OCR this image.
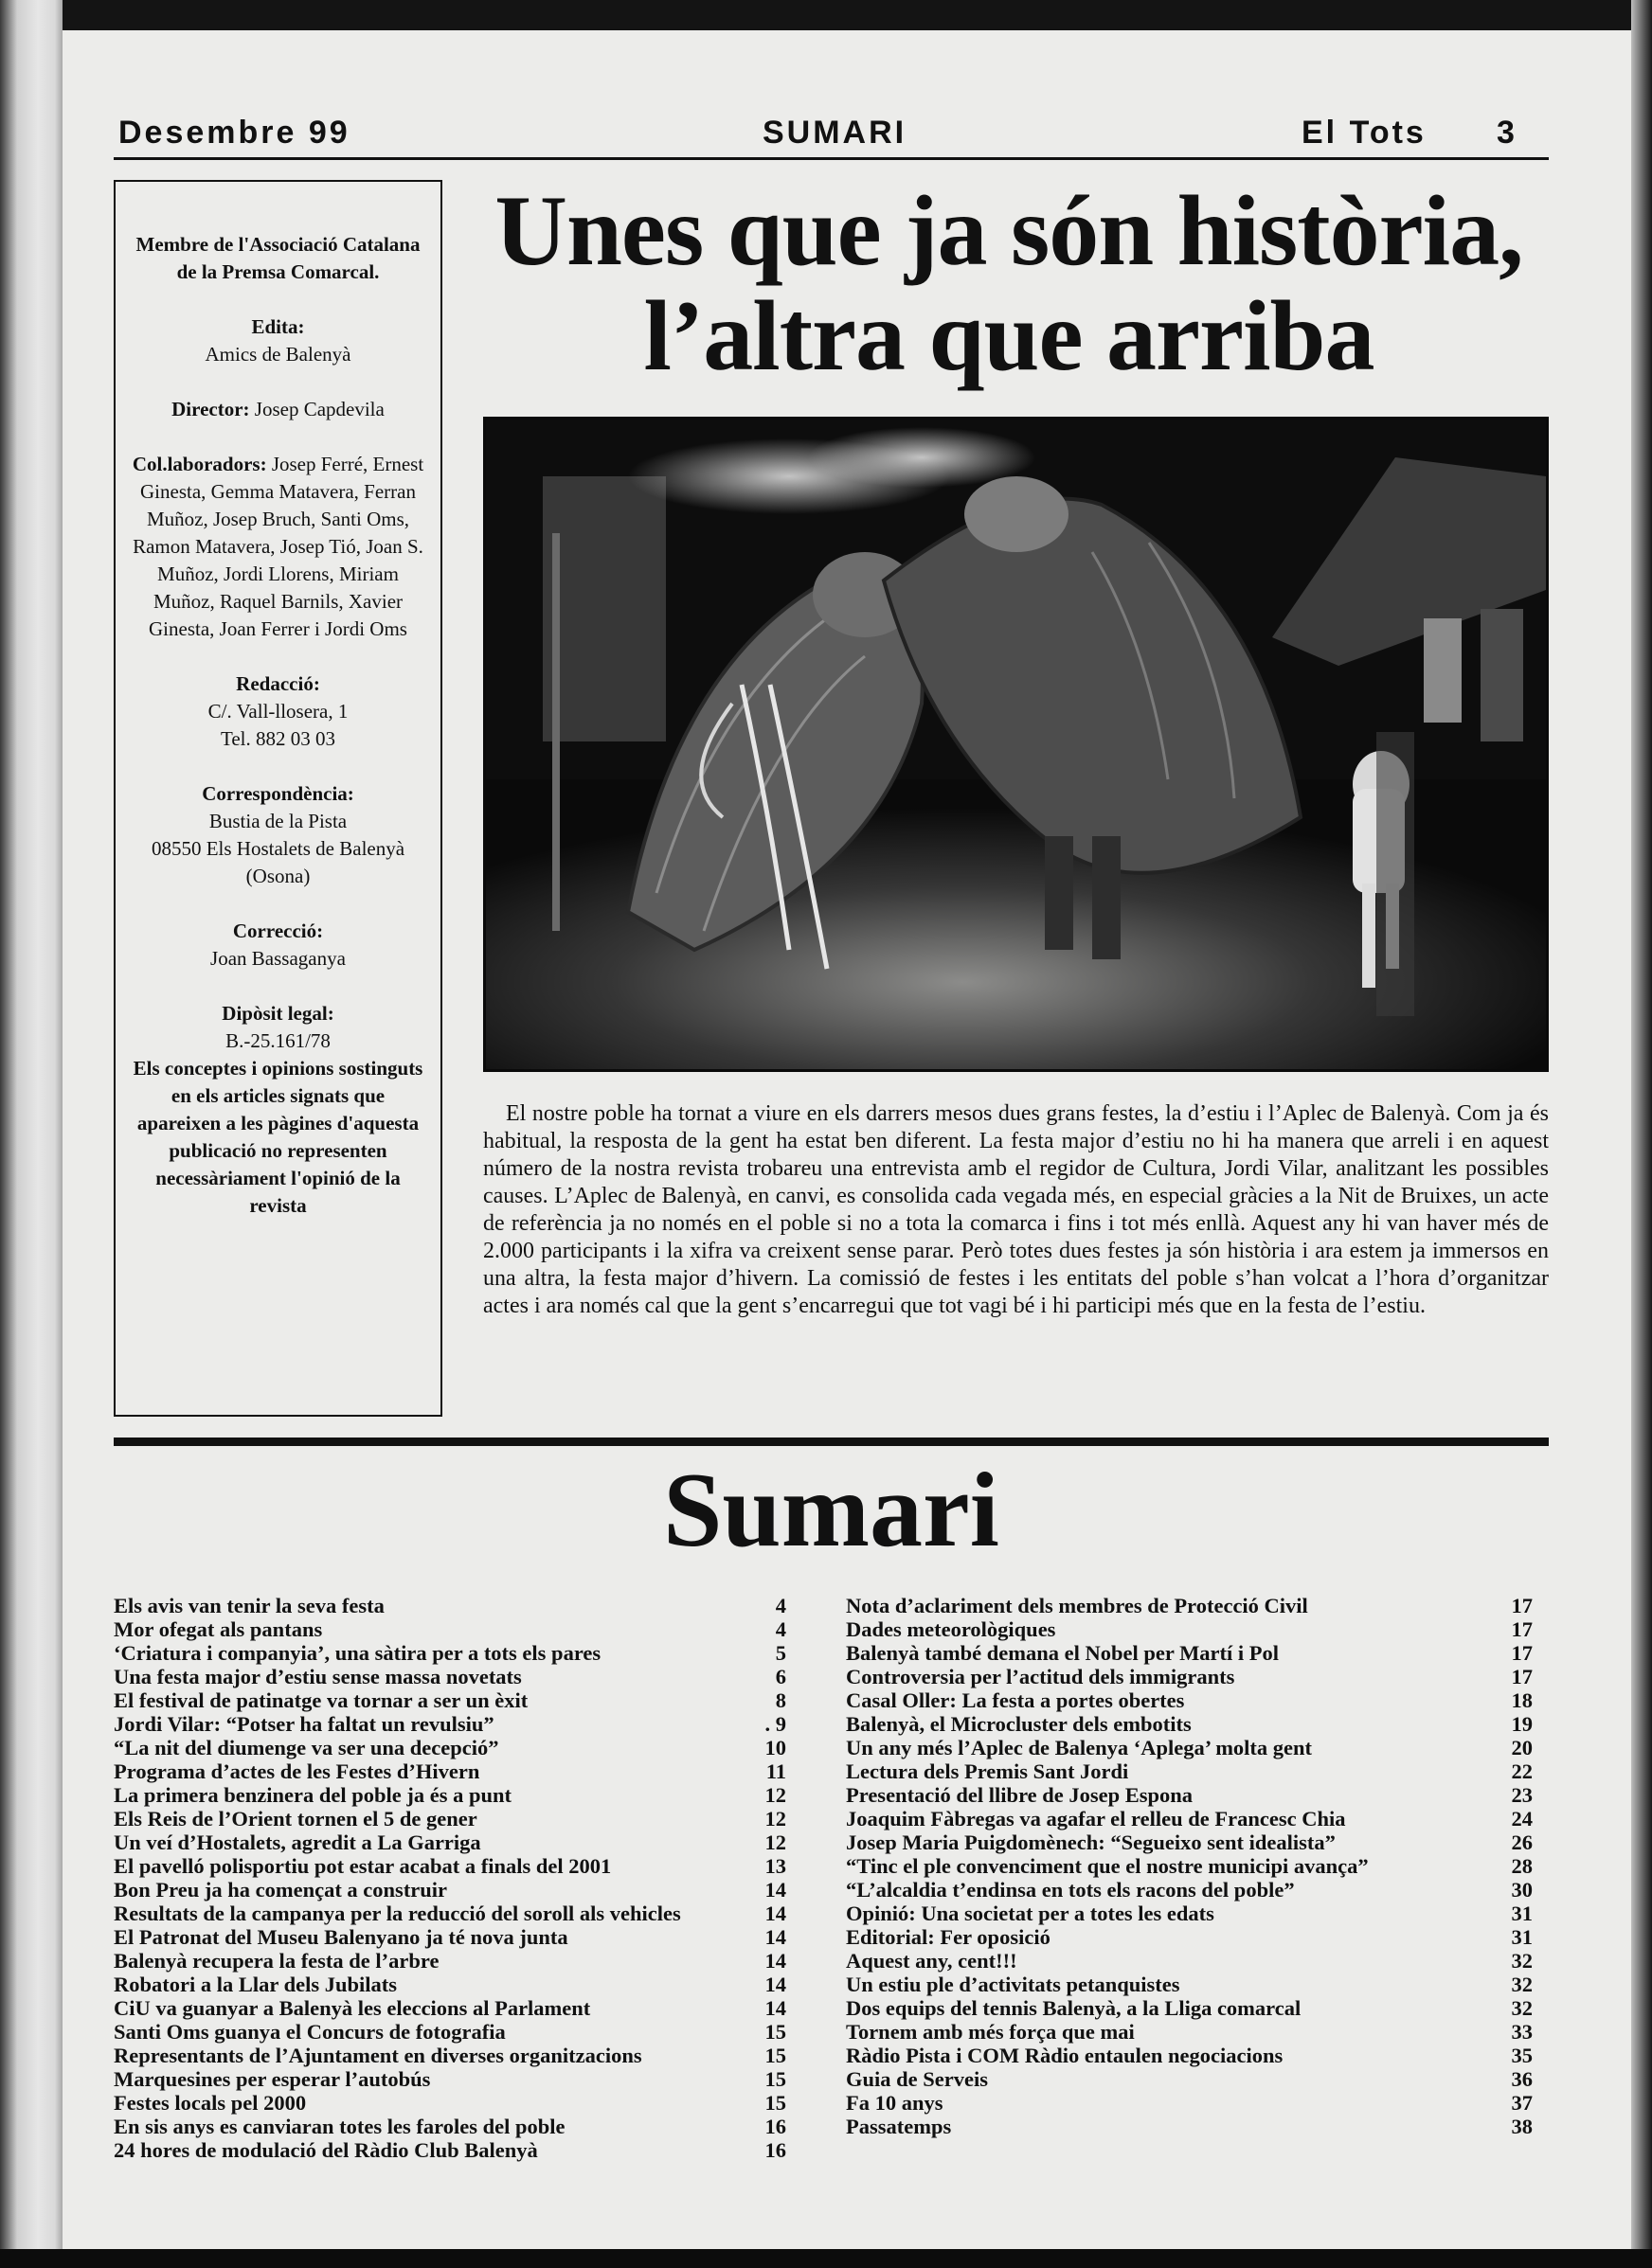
Desembre 99	SUMARI	El Tots 3
Membre de l'Associació Catalana de la Premsa Comarcal.
Edita:
Amics de Balenyà
Director: Josep Capdevila
Col.laboradors: Josep Ferré, Ernest Ginesta, Gemma Matavera, Ferran Muñoz, Josep Bruch, Santi Oms, Ramon Matavera, Josep Tió, Joan S. Muñoz, Jordi Llorens, Miriam Muñoz, Raquel Barnils, Xavier Ginesta, Joan Ferrer i Jordi Oms
Redacció:
C/. Vall-llosera, 1
Tel. 882 03 03
Correspondència:
Bustia de la Pista
08550 Els Hostalets de Balenyà (Osona)
Correcció:
Joan Bassaganya
Dipòsit legal:
B.-25.161/78
Els conceptes i opinions sostinguts en els articles signats que apareixen a les pàgines d'aquesta publicació no representen necessàriament l'opinió de la revista
Unes que ja són història,
l’altra que arriba
El nostre poble ha tornat a viure en els darrers mesos dues grans festes, la d’estiu i l’Aplec de Balenyà. Com ja és habitual, la resposta de la gent ha estat ben diferent. La festa major d’estiu no hi ha manera que arreli i en aquest número de la nostra revista trobareu una entrevista amb el regidor de Cultura, Jordi Vilar, analitzant les possibles causes. L’Aplec de Balenyà, en canvi, es consolida cada vegada més, en especial gràcies a la Nit de Bruixes, un acte de referència ja no només en el poble si no a tota la comarca i fins i tot més enllà. Aquest any hi van haver més de 2.000 participants i la xifra va creixent sense parar. Però totes dues festes ja són història i ara estem ja immersos en una altra, la festa major d’hivern. La comissió de festes i les entitats del poble s’han volcat a l’hora d’organitzar actes i ara només cal que la gent s’encarregui que tot vagi bé i hi participi més que en la festa de l’estiu.
Sumari
Els avis van tenir la seva festa	4
Mor ofegat als pantans	4
‘Criatura i companyia’, una sàtira per a tots els pares	5
Una festa major d’estiu sense massa novetats	6
El festival de patinatge va tornar a ser un èxit	8
Jordi Vilar: “Potser ha faltat un revulsiu”	. 9
“La nit del diumenge va ser una decepció”	10
Programa d’actes de les Festes d’Hivern	11
La primera benzinera del poble ja és a punt	12
Els Reis de l’Orient tornen el 5 de gener	12
Un veí d’Hostalets, agredit a La Garriga	12
El pavelló polisportiu pot estar acabat a finals del 2001	13
Bon Preu ja ha començat a construir	14
Resultats de la campanya per la reducció del soroll als vehicles	14
El Patronat del Museu Balenyano ja té nova junta	14
Balenyà recupera la festa de l’arbre	14
Robatori a la Llar dels Jubilats	14
CiU va guanyar a Balenyà les eleccions al Parlament	14
Santi Oms guanya el Concurs de fotografia	15
Representants de l’Ajuntament en diverses organitzacions	15
Marquesines per esperar l’autobús	15
Festes locals pel 2000	15
En sis anys es canviaran totes les faroles del poble	16
24 hores de modulació del Ràdio Club Balenyà	16
Nota d’aclariment dels membres de Protecció Civil	17
Dades meteorològiques	17
Balenyà també demana el Nobel per Martí i Pol	17
Controversia per l’actitud dels immigrants	17
Casal Oller: La festa a portes obertes	18
Balenyà, el Microcluster dels embotits	19
Un any més l’Aplec de Balenya ‘Aplega’ molta gent	20
Lectura dels Premis Sant Jordi	22
Presentació del llibre de Josep Espona	23
Joaquim Fàbregas va agafar el relleu de Francesc Chia	24
Josep Maria Puigdomènech: “Segueixo sent idealista”	26
“Tinc el ple convenciment que el nostre municipi avança”	28
“L’alcaldia t’endinsa en tots els racons del poble”	30
Opinió: Una societat per a totes les edats	31
Editorial: Fer oposició	31
Aquest any, cent!!!	32
Un estiu ple d’activitats petanquistes	32
Dos equips del tennis Balenyà, a la Lliga comarcal	32
Tornem amb més força que mai	33
Ràdio Pista i COM Ràdio entaulen negociacions	35
Guia de Serveis	36
Fa 10 anys	37
Passatemps	38
